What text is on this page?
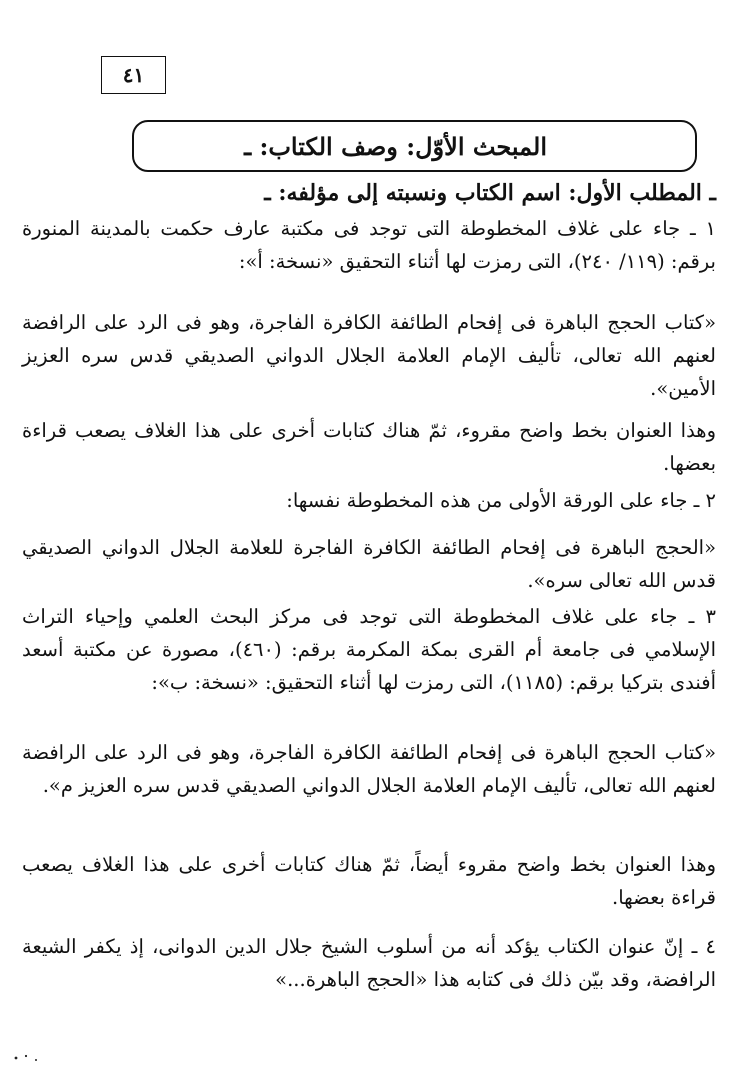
٤١
المبحث الأوّل: وصف الكتاب: ـ
ـ المطلب الأول: اسم الكتاب ونسبته إلى مؤلفه: ـ

١ ـ جاء على غلاف المخطوطة التى توجد فى مكتبة عارف حكمت بالمدينة المنورة برقم: (١١٩/ ٢٤٠)، التى رمزت لها أثناء التحقيق «نسخة: أ»:

«كتاب الحجج الباهرة فى إفحام الطائفة الكافرة الفاجرة، وهو فى الرد على الرافضة لعنهم الله تعالى، تأليف الإمام العلامة الجلال الدواني الصديقي قدس سره العزيز الأمين».

وهذا العنوان بخط واضح مقروء، ثمّ هناك كتابات أخرى على هذا الغلاف يصعب قراءة بعضها.

٢ ـ جاء على الورقة الأولى من هذه المخطوطة نفسها:

«الحجج الباهرة فى إفحام الطائفة الكافرة الفاجرة للعلامة الجلال الدواني الصديقي قدس الله تعالى سره».

٣ ـ جاء على غلاف المخطوطة التى توجد فى مركز البحث العلمي وإحياء التراث الإسلامي فى جامعة أم القرى بمكة المكرمة برقم: (٤٦٠)، مصورة عن مكتبة أسعد أفندى بتركيا برقم: (١١٨٥)، التى رمزت لها أثناء التحقيق: «نسخة: ب»:

«كتاب الحجج الباهرة فى إفحام الطائفة الكافرة الفاجرة، وهو فى الرد على الرافضة لعنهم الله تعالى، تأليف الإمام العلامة الجلال الدواني الصديقي قدس سره العزيز م».

وهذا العنوان بخط واضح مقروء أيضاً، ثمّ هناك كتابات أخرى على هذا الغلاف يصعب قراءة بعضها.

٤ ـ إنّ عنوان الكتاب يؤكد أنه من أسلوب الشيخ جلال الدين الدوانى، إذ يكفر الشيعة الرافضة، وقد بيّن ذلك فى كتابه هذا «الحجج الباهرة...»
